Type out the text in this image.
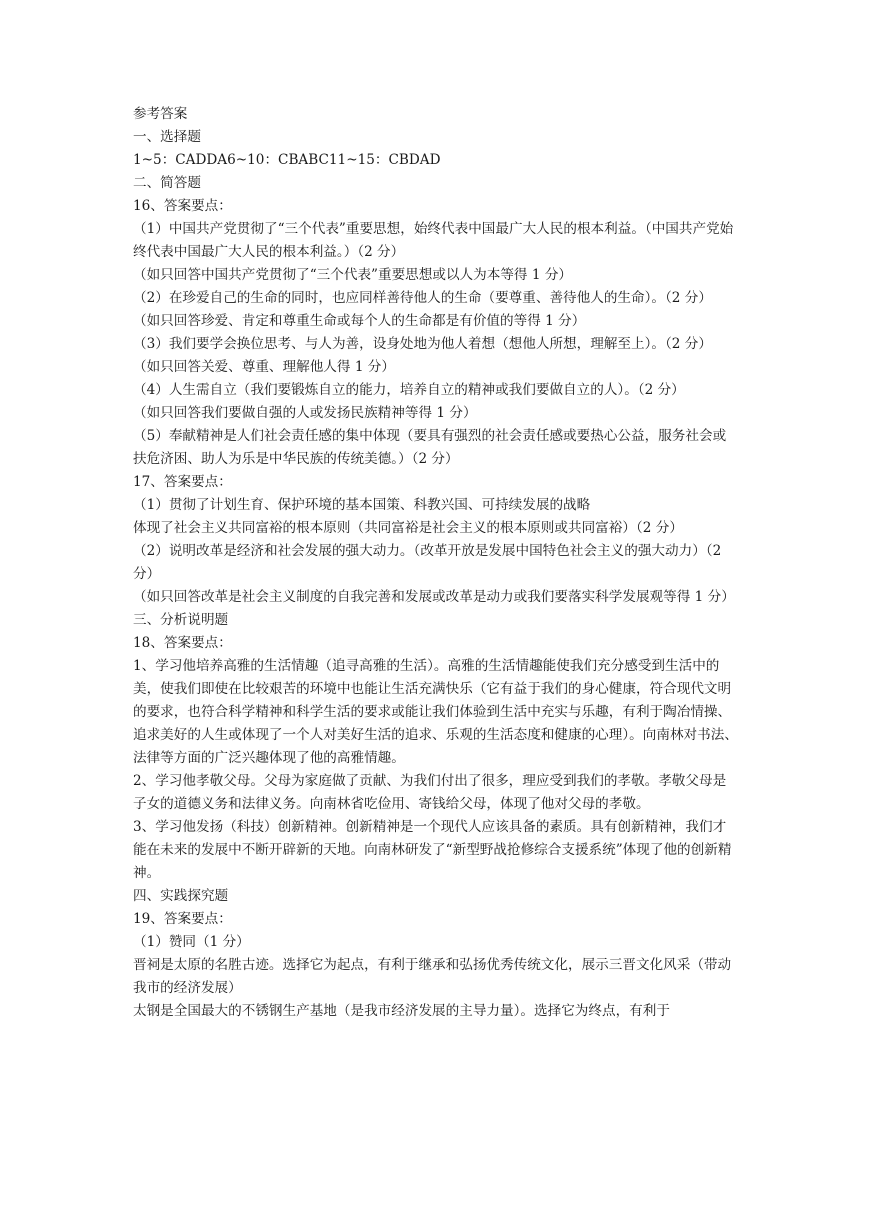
参考答案

一、选择题

1~5：CADDA6~10：CBABC11~15：CBDAD

二、简答题

16、答案要点：

（1）中国共产党贯彻了“三个代表”重要思想，始终代表中国最广大人民的根本利益。（中国共产党始终代表中国最广大人民的根本利益。）（2 分）

（如只回答中国共产党贯彻了“三个代表”重要思想或以人为本等得 1 分）

（2）在珍爱自己的生命的同时，也应同样善待他人的生命（要尊重、善待他人的生命）。（2 分）

（如只回答珍爱、肯定和尊重生命或每个人的生命都是有价值的等得 1 分）

（3）我们要学会换位思考、与人为善，设身处地为他人着想（想他人所想，理解至上）。（2 分）

（如只回答关爱、尊重、理解他人得 1 分）

（4）人生需自立（我们要锻炼自立的能力，培养自立的精神或我们要做自立的人）。（2 分）

（如只回答我们要做自强的人或发扬民族精神等得 1 分）

（5）奉献精神是人们社会责任感的集中体现（要具有强烈的社会责任感或要热心公益，服务社会或扶危济困、助人为乐是中华民族的传统美德。）（2 分）

17、答案要点：

（1）贯彻了计划生育、保护环境的基本国策、科教兴国、可持续发展的战略

体现了社会主义共同富裕的根本原则（共同富裕是社会主义的根本原则或共同富裕）（2 分）

（2）说明改革是经济和社会发展的强大动力。（改革开放是发展中国特色社会主义的强大动力）（2 分）

（如只回答改革是社会主义制度的自我完善和发展或改革是动力或我们要落实科学发展观等得 1 分）

三、分析说明题

18、答案要点：

1、学习他培养高雅的生活情趣（追寻高雅的生活）。高雅的生活情趣能使我们充分感受到生活中的美，使我们即使在比较艰苦的环境中也能让生活充满快乐（它有益于我们的身心健康，符合现代文明的要求，也符合科学精神和科学生活的要求或能让我们体验到生活中充实与乐趣，有利于陶冶情操、追求美好的人生或体现了一个人对美好生活的追求、乐观的生活态度和健康的心理）。向南林对书法、法律等方面的广泛兴趣体现了他的高雅情趣。

2、学习他孝敬父母。父母为家庭做了贡献、为我们付出了很多，理应受到我们的孝敬。孝敬父母是子女的道德义务和法律义务。向南林省吃俭用、寄钱给父母，体现了他对父母的孝敬。

3、学习他发扬（科技）创新精神。创新精神是一个现代人应该具备的素质。具有创新精神，我们才能在未来的发展中不断开辟新的天地。向南林研发了“新型野战抢修综合支援系统”体现了他的创新精神。

四、实践探究题

19、答案要点：

（1）赞同（1 分）

晋祠是太原的名胜古迹。选择它为起点，有利于继承和弘扬优秀传统文化，展示三晋文化风采（带动我市的经济发展）

太钢是全国最大的不锈钢生产基地（是我市经济发展的主导力量）。选择它为终点，有利于
